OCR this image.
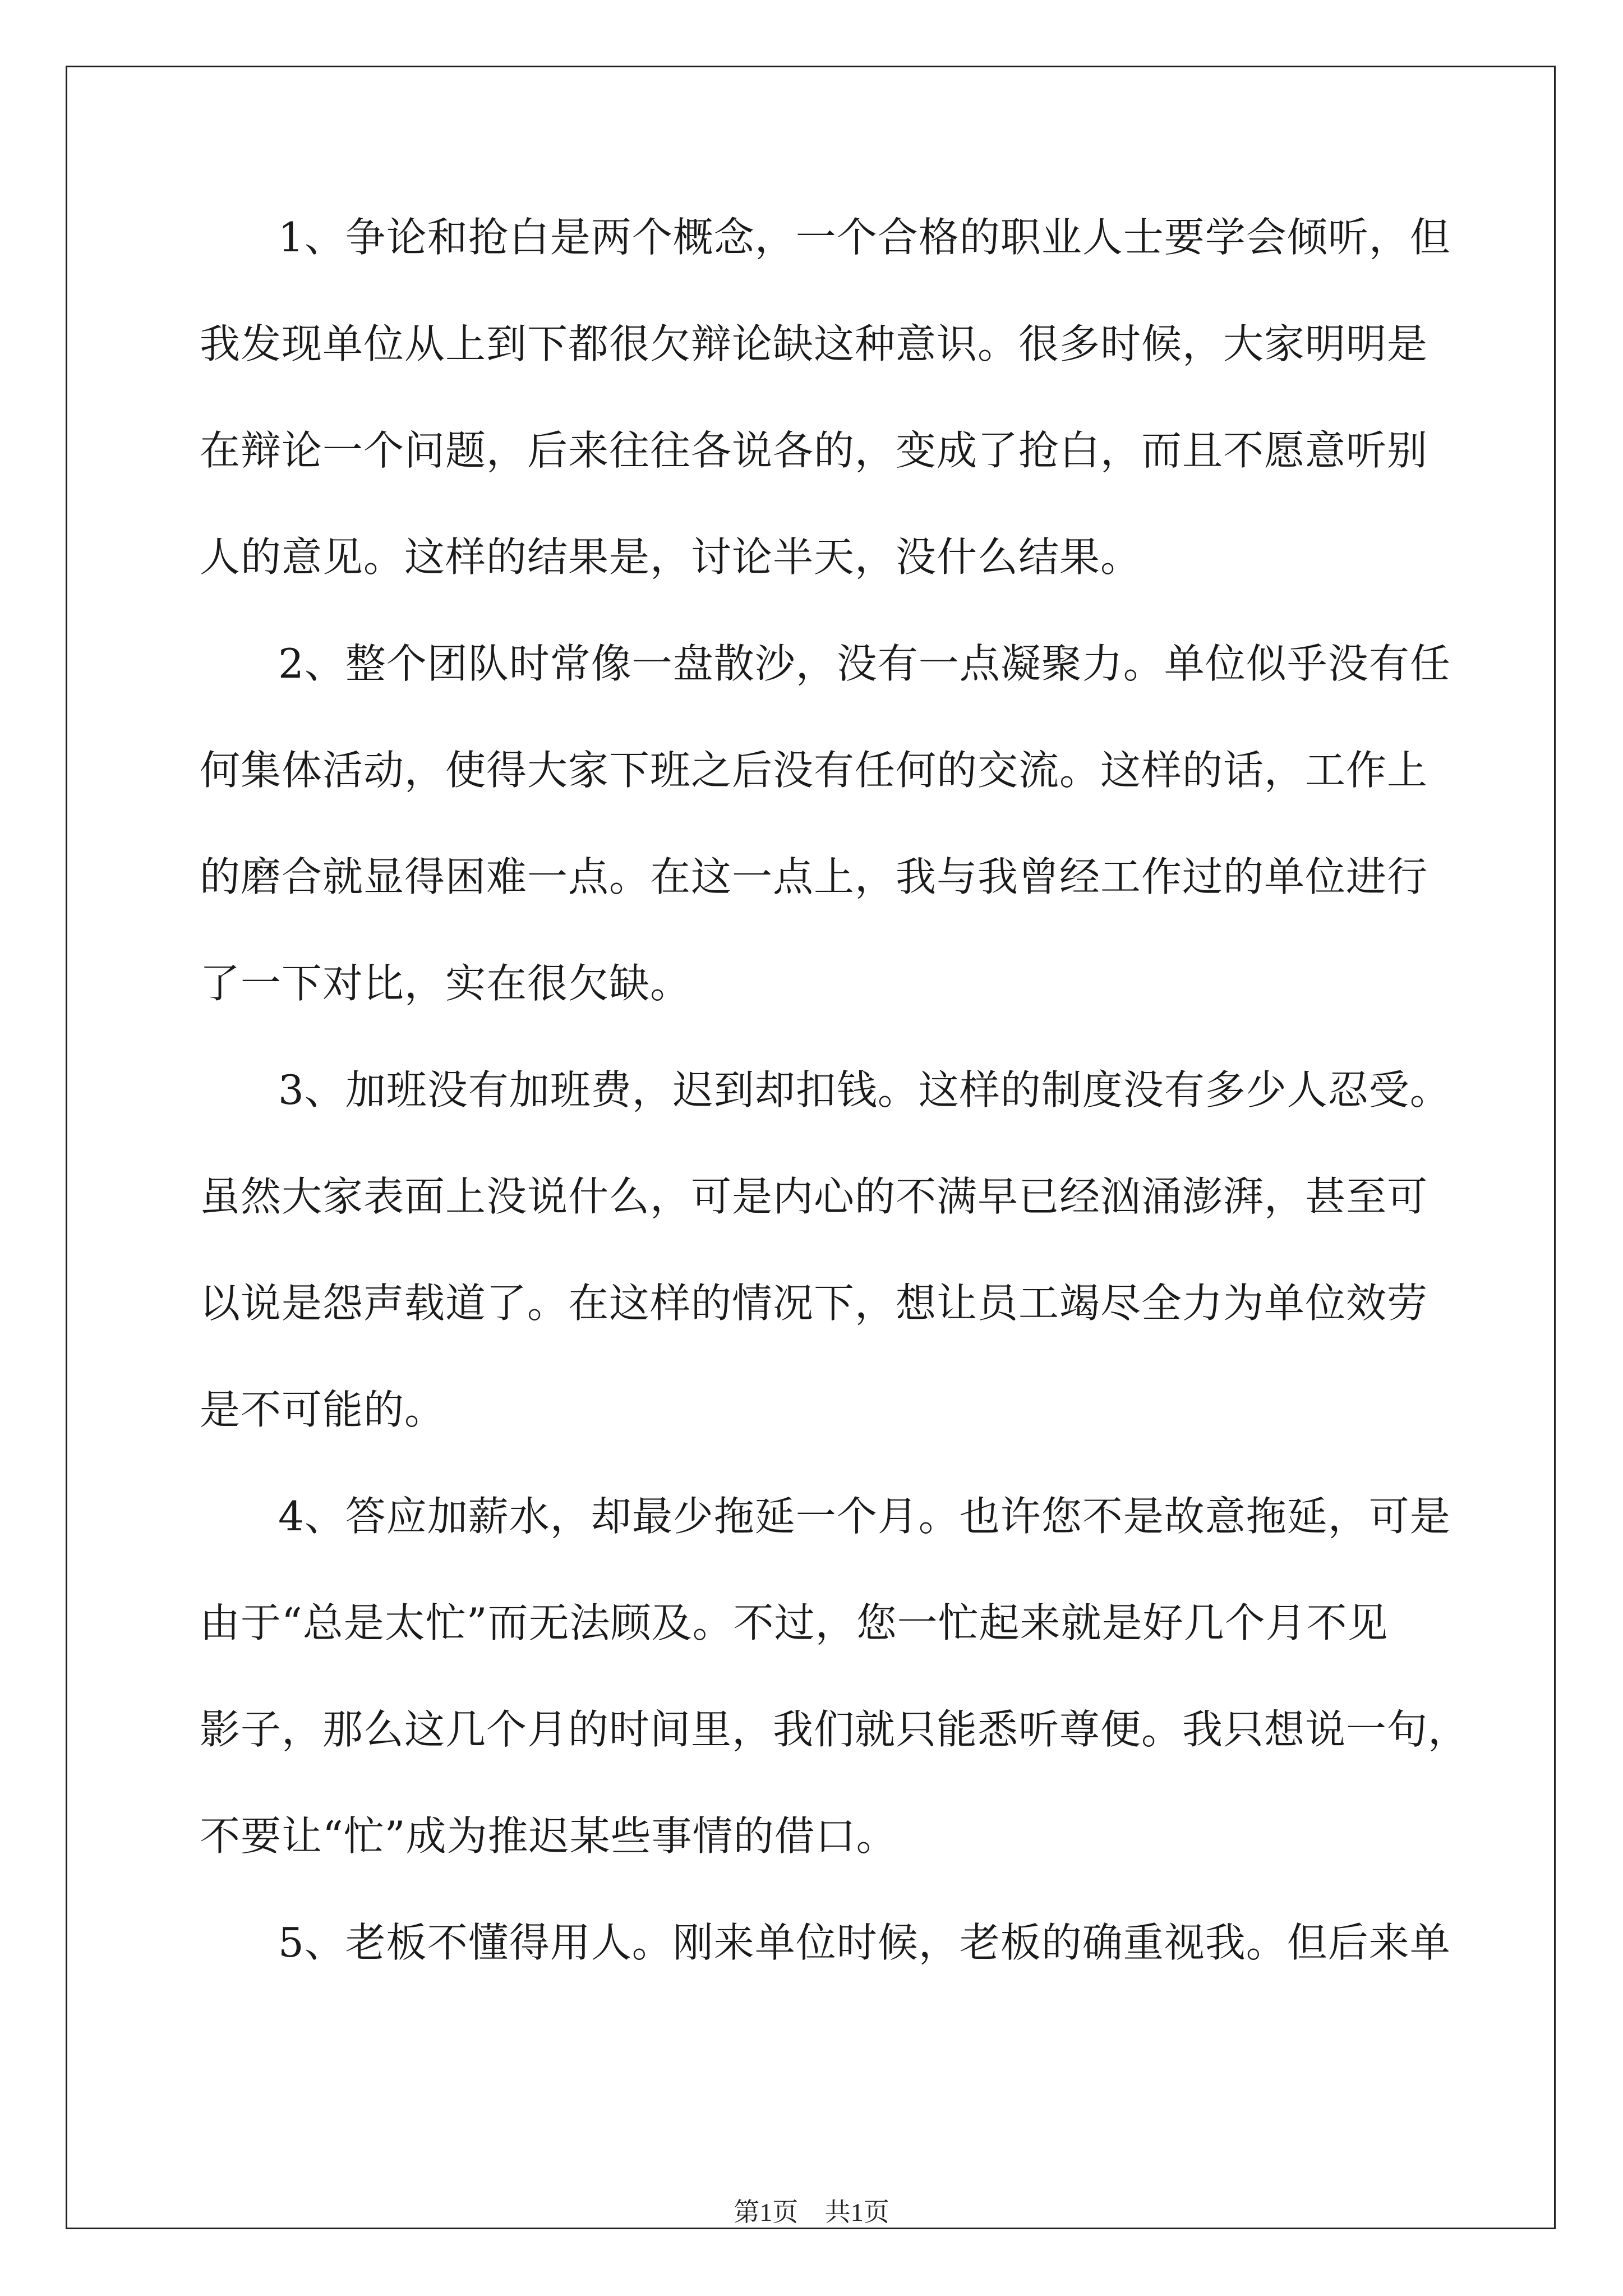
1、争论和抢白是两个概念，一个合格的职业人士要学会倾听，但
我发现单位从上到下都很欠辩论缺这种意识。很多时候，大家明明是
在辩论一个问题，后来往往各说各的，变成了抢白，而且不愿意听别
人的意见。这样的结果是，讨论半天，没什么结果。
2、整个团队时常像一盘散沙，没有一点凝聚力。单位似乎没有任
何集体活动，使得大家下班之后没有任何的交流。这样的话，工作上
的磨合就显得困难一点。在这一点上，我与我曾经工作过的单位进行
了一下对比，实在很欠缺。
3、加班没有加班费，迟到却扣钱。这样的制度没有多少人忍受。
虽然大家表面上没说什么，可是内心的不满早已经汹涌澎湃，甚至可
以说是怨声载道了。在这样的情况下，想让员工竭尽全力为单位效劳
是不可能的。
4、答应加薪水，却最少拖延一个月。也许您不是故意拖延，可是
由于“总是太忙”而无法顾及。不过，您一忙起来就是好几个月不见
影子，那么这几个月的时间里，我们就只能悉听尊便。我只想说一句，
不要让“忙”成为推迟某些事情的借口。
5、老板不懂得用人。刚来单位时候，老板的确重视我。但后来单
第1页 共1页
